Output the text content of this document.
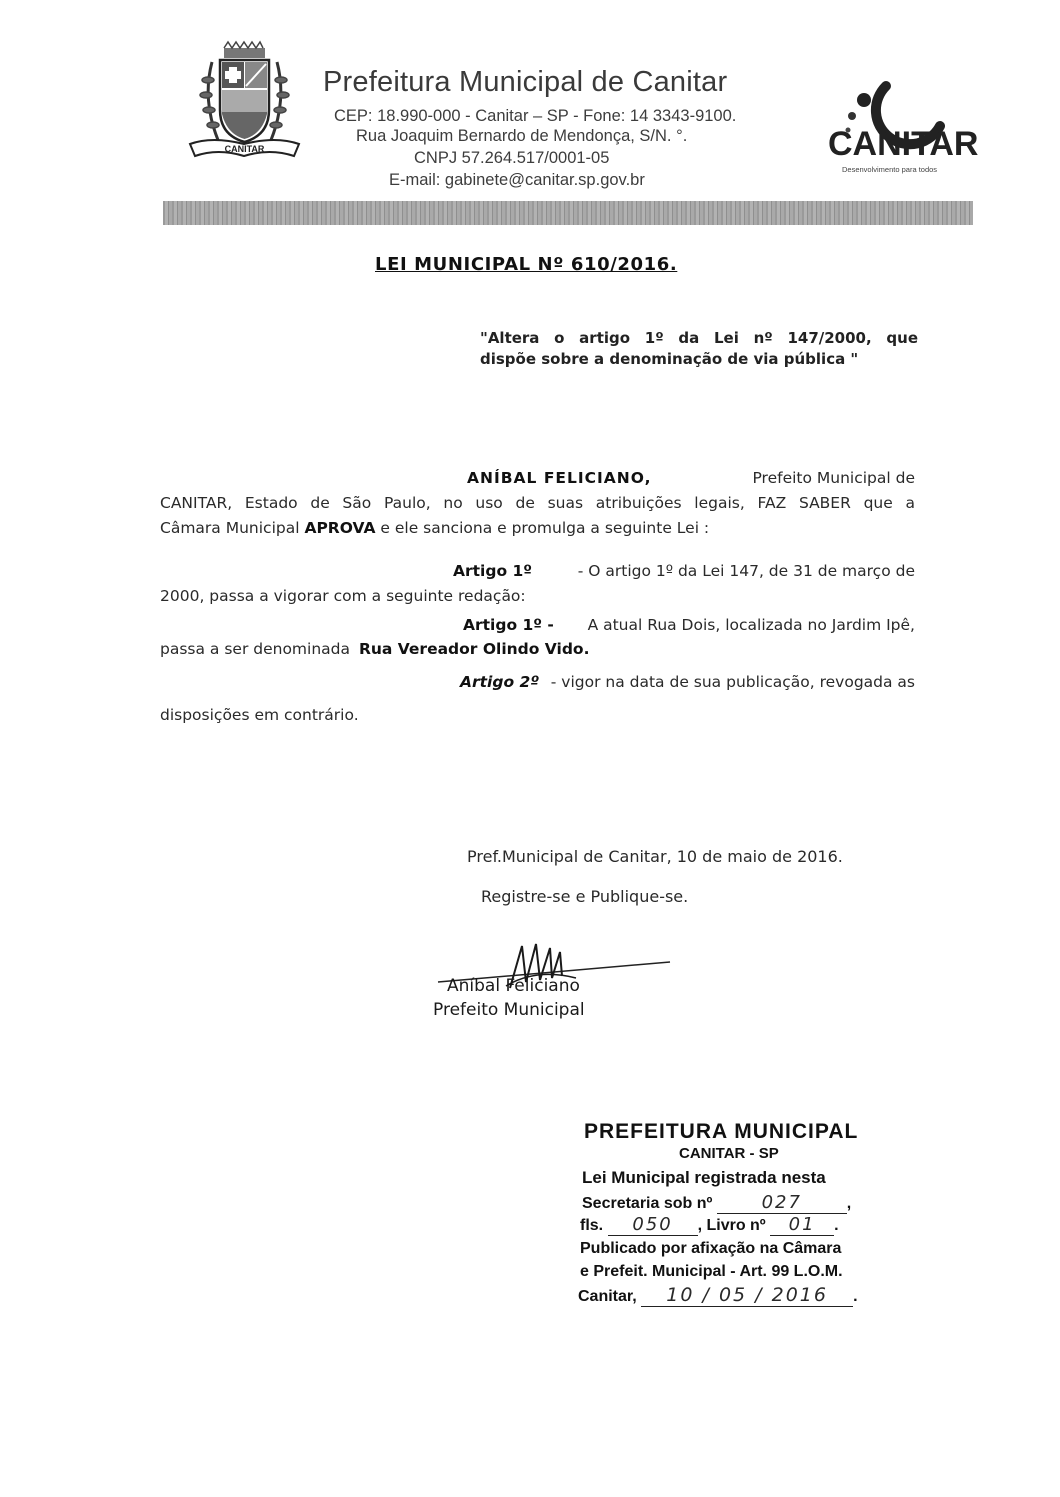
CANITAR
Prefeitura Municipal de Canitar
CEP: 18.990-000 - Canitar – SP - Fone: 14 3343-9100.
Rua Joaquim Bernardo de Mendonça, S/N. °.
CNPJ 57.264.517/0001-05
E-mail: gabinete@canitar.sp.gov.br
CANITAR
Desenvolvimento para todos
LEI MUNICIPAL Nº 610/2016.
"Altera o artigo 1º da Lei nº 147/2000, que
dispõe sobre a denominação de via pública "
ANÍBAL FELICIANO,	Prefeito Municipal de
CANITAR, Estado de São Paulo, no uso de suas atribuições legais, FAZ SABER que a
Câmara Municipal APROVA e ele sanciona e promulga a seguinte Lei :
Artigo 1º	- O artigo 1º da Lei 147, de 31 de março de
2000, passa a vigorar com a seguinte redação:
Artigo 1º - A atual Rua Dois, localizada no Jardim Ipê,
passa a ser denominada Rua Vereador Olindo Vido.
Artigo 2º - vigor na data de sua publicação, revogada as
disposições em contrário.
Pref.Municipal de Canitar, 10 de maio de 2016.
Registre-se e Publique-se.
Aníbal Feliciano
Prefeito Municipal
PREFEITURA MUNICIPAL
CANITAR - SP
Lei Municipal registrada nesta
Secretaria sob nº	027	,
fls. 050 , Livro nº 01 .
Publicado por afixação na Câmara
e Prefeit. Municipal - Art. 99 L.O.M.
Canitar, 10 / 05 / 2016 .
